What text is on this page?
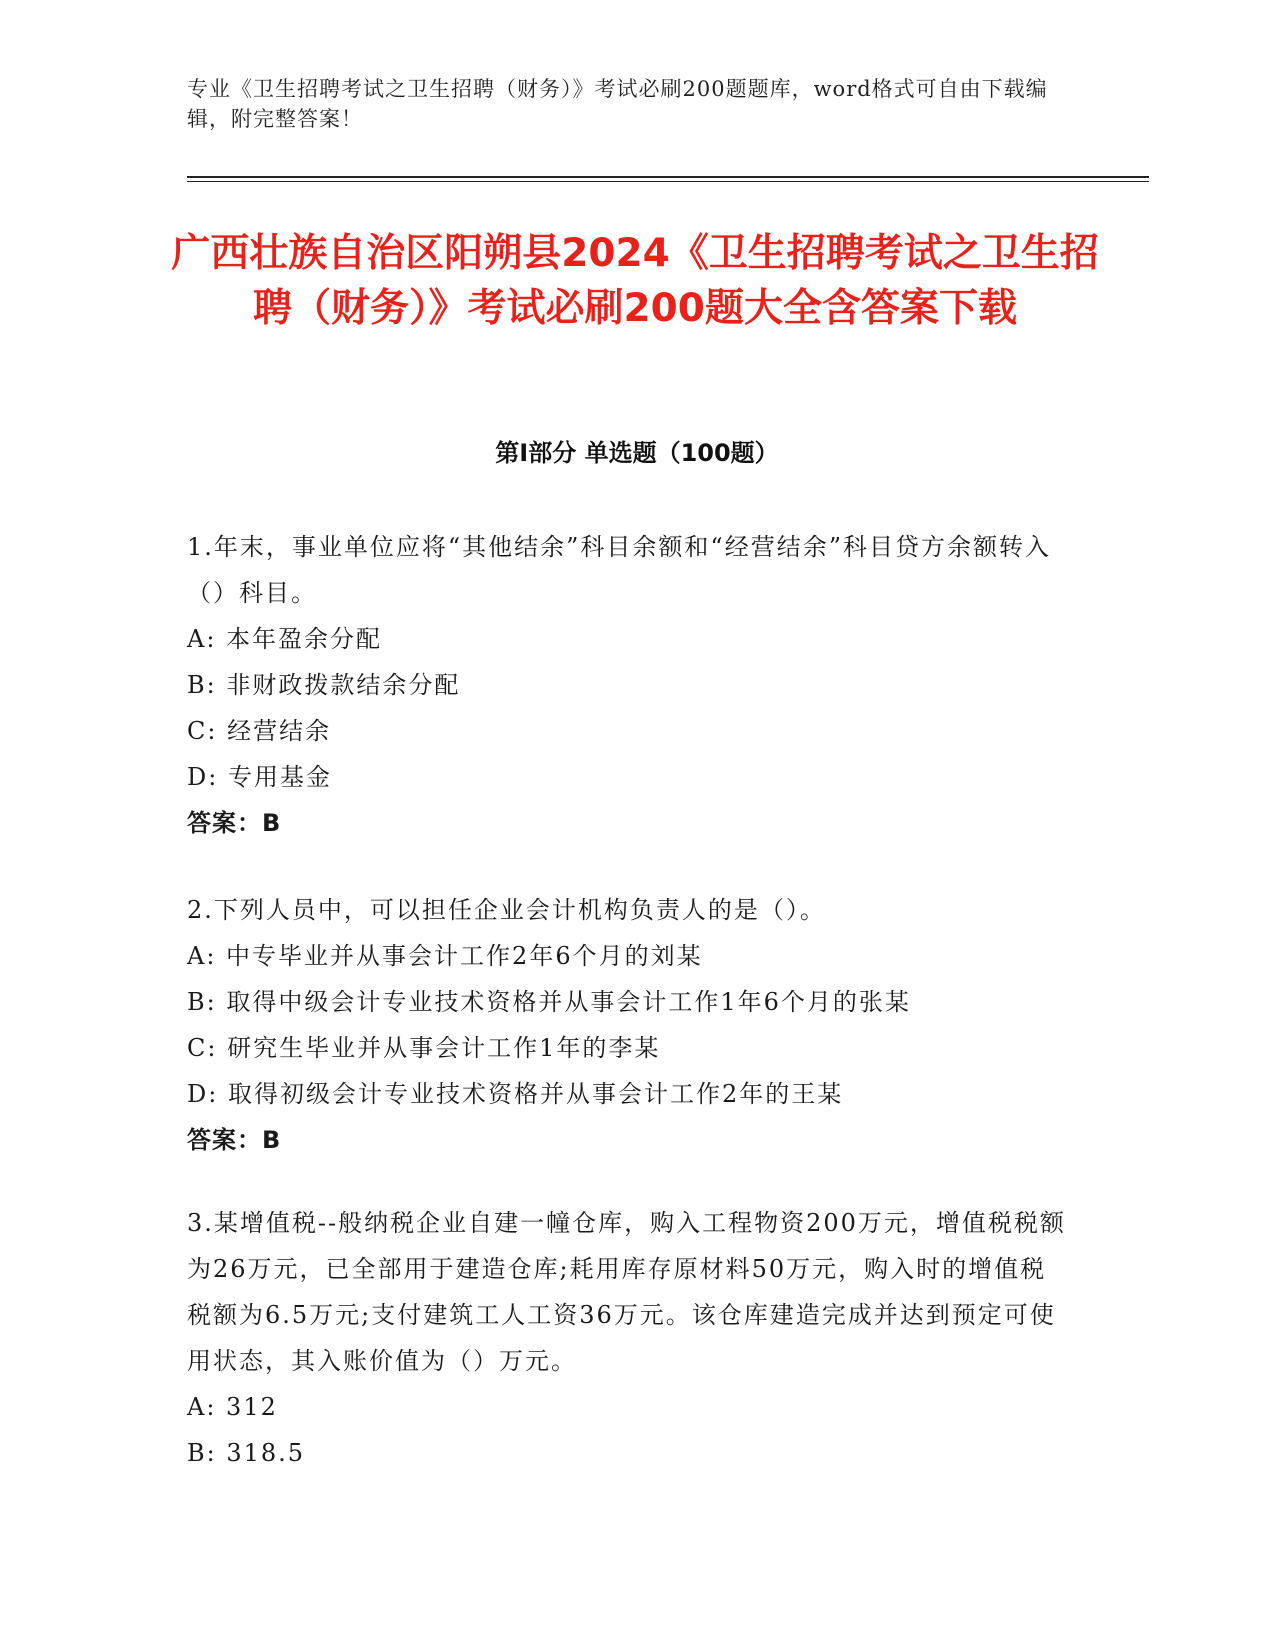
专业《卫生招聘考试之卫生招聘（财务）》考试必刷200题题库，word格式可自由下载编辑，附完整答案！
广西壮族自治区阳朔县2024《卫生招聘考试之卫生招聘（财务）》考试必刷200题大全含答案下载
第Ⅰ部分 单选题（100题）
1.年末，事业单位应将“其他结余”科目余额和“经营结余”科目贷方余额转入（）科目。
A: 本年盈余分配
B: 非财政拨款结余分配
C: 经营结余
D: 专用基金
答案：B
2.下列人员中，可以担任企业会计机构负责人的是（）。
A: 中专毕业并从事会计工作2年6个月的刘某
B: 取得中级会计专业技术资格并从事会计工作1年6个月的张某
C: 研究生毕业并从事会计工作1年的李某
D: 取得初级会计专业技术资格并从事会计工作2年的王某
答案：B
3.某增值税--般纳税企业自建一幢仓库，购入工程物资200万元，增值税税额为26万元，已全部用于建造仓库;耗用库存原材料50万元，购入时的增值税税额为6.5万元;支付建筑工人工资36万元。该仓库建造完成并达到预定可使用状态，其入账价值为（）万元。
A: 312
B: 318.5
